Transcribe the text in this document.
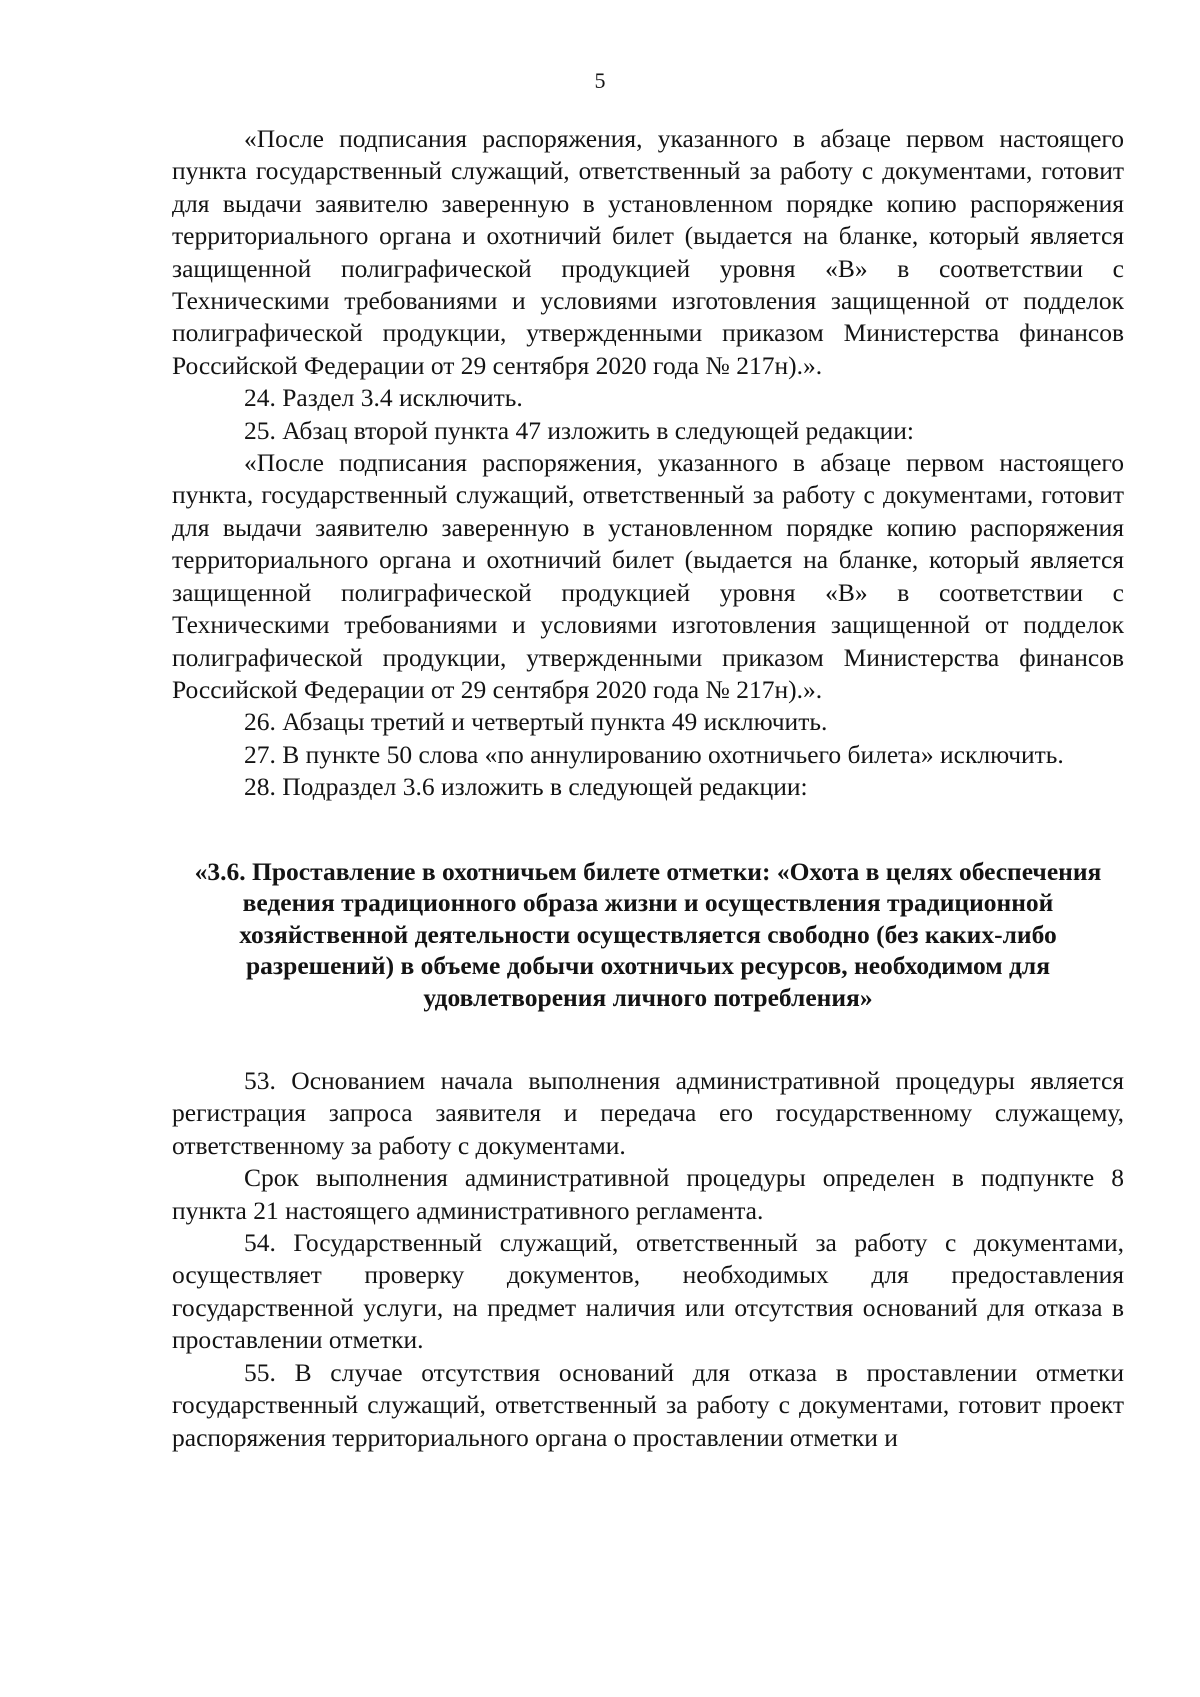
5

«После подписания распоряжения, указанного в абзаце первом настоящего пункта государственный служащий, ответственный за работу с документами, готовит для выдачи заявителю заверенную в установленном порядке копию распоряжения территориального органа и охотничий билет (выдается на бланке, который является защищенной полиграфической продукцией уровня «В» в соответствии с Техническими требованиями и условиями изготовления защищенной от подделок полиграфической продукции, утвержденными приказом Министерства финансов Российской Федерации от 29 сентября 2020 года № 217н).».

24. Раздел 3.4 исключить.

25. Абзац второй пункта 47 изложить в следующей редакции:

«После подписания распоряжения, указанного в абзаце первом настоящего пункта, государственный служащий, ответственный за работу с документами, готовит для выдачи заявителю заверенную в установленном порядке копию распоряжения территориального органа и охотничий билет (выдается на бланке, который является защищенной полиграфической продукцией уровня «В» в соответствии с Техническими требованиями и условиями изготовления защищенной от подделок полиграфической продукции, утвержденными приказом Министерства финансов Российской Федерации от 29 сентября 2020 года № 217н).».

26. Абзацы третий и четвертый пункта 49 исключить.

27. В пункте 50 слова «по аннулированию охотничьего билета» исключить.

28. Подраздел 3.6 изложить в следующей редакции:

«3.6. Проставление в охотничьем билете отметки: «Охота в целях обеспечения ведения традиционного образа жизни и осуществления традиционной хозяйственной деятельности осуществляется свободно (без каких-либо разрешений) в объеме добычи охотничьих ресурсов, необходимом для удовлетворения личного потребления»

53. Основанием начала выполнения административной процедуры является регистрация запроса заявителя и передача его государственному служащему, ответственному за работу с документами.

Срок выполнения административной процедуры определен в подпункте 8 пункта 21 настоящего административного регламента.

54. Государственный служащий, ответственный за работу с документами, осуществляет проверку документов, необходимых для предоставления государственной услуги, на предмет наличия или отсутствия оснований для отказа в проставлении отметки.

55. В случае отсутствия оснований для отказа в проставлении отметки государственный служащий, ответственный за работу с документами, готовит проект распоряжения территориального органа о проставлении отметки и
